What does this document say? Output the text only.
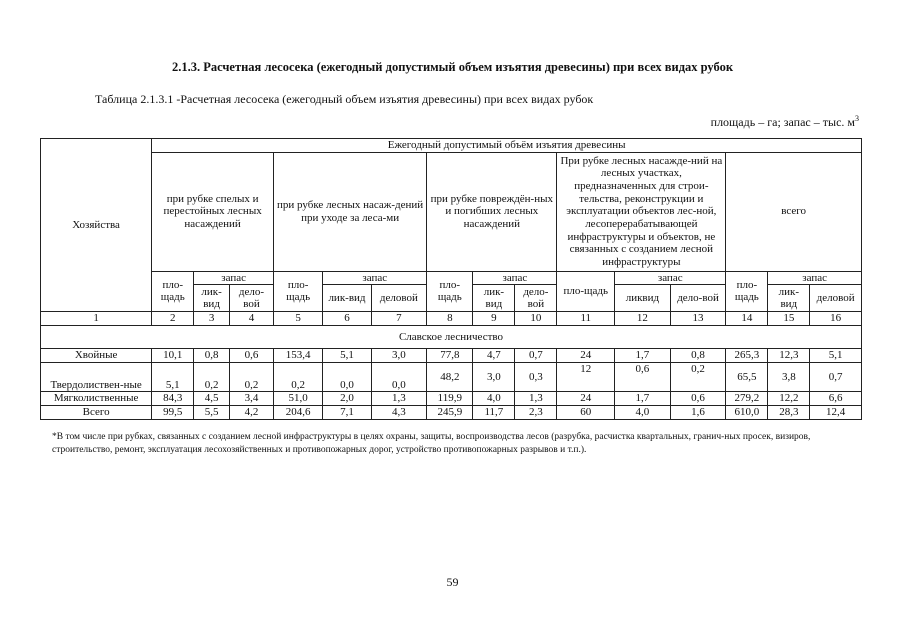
2.1.3. Расчетная лесосека (ежегодный допустимый объем изъятия древесины) при всех видах рубок
Таблица 2.1.3.1 -Расчетная лесосека (ежегодный объем изъятия древесины) при всех видах рубок
площадь – га; запас – тыс. $м^3$
Хозяйства	Ежегодный допустимый объём изъятия древесины														
	при рубке спелых и перестойных лесных насаждений			при рубке лесных насаж-дений при уходе за леса-ми			при рубке повреждён-ных и погибших лесных насаждений			При рубке лесных насажде-ний на лесных участках, предназначенных для строи-тельства, реконструкции и эксплуатации объектов лес-ной, лесоперерабатывающей инфраструктуры и объектов, не связанных с созданием лесной инфраструктуры			всего		
	пло-щадь	запас		пло-щадь	запас		пло-щадь	запас		пло-щадь	запас		пло-щадь	запас	
		лик-вид	дело-вой		лик-вид	деловой		лик-вид	дело-вой		ликвид	дело-вой		лик-вид	деловой
1	2	3	4	5	6	7	8	9	10	11	12	13	14	15	16
Славское лесничество															
Хвойные	10,1	0,8	0,6	153,4	5,1	3,0	77,8	4,7	0,7	24	1,7	0,8	265,3	12,3	5,1
Твердолиствен-ные	5,1	0,2	0,2	0,2	0,0	0,0	48,2	3,0	0,3	12	0,6	0,2	65,5	3,8	0,7
Мягколиственные	84,3	4,5	3,4	51,0	2,0	1,3	119,9	4,0	1,3	24	1,7	0,6	279,2	12,2	6,6
Всего	99,5	5,5	4,2	204,6	7,1	4,3	245,9	11,7	2,3	60	4,0	1,6	610,0	28,3	12,4
*В том числе при рубках, связанных с созданием лесной инфраструктуры в целях охраны, защиты, воспроизводства лесов (разрубка, расчистка квартальных, гранич-ных просек, визиров, строительство, ремонт, эксплуатация лесохозяйственных и противопожарных дорог, устройство противопожарных разрывов и т.п.).
59
